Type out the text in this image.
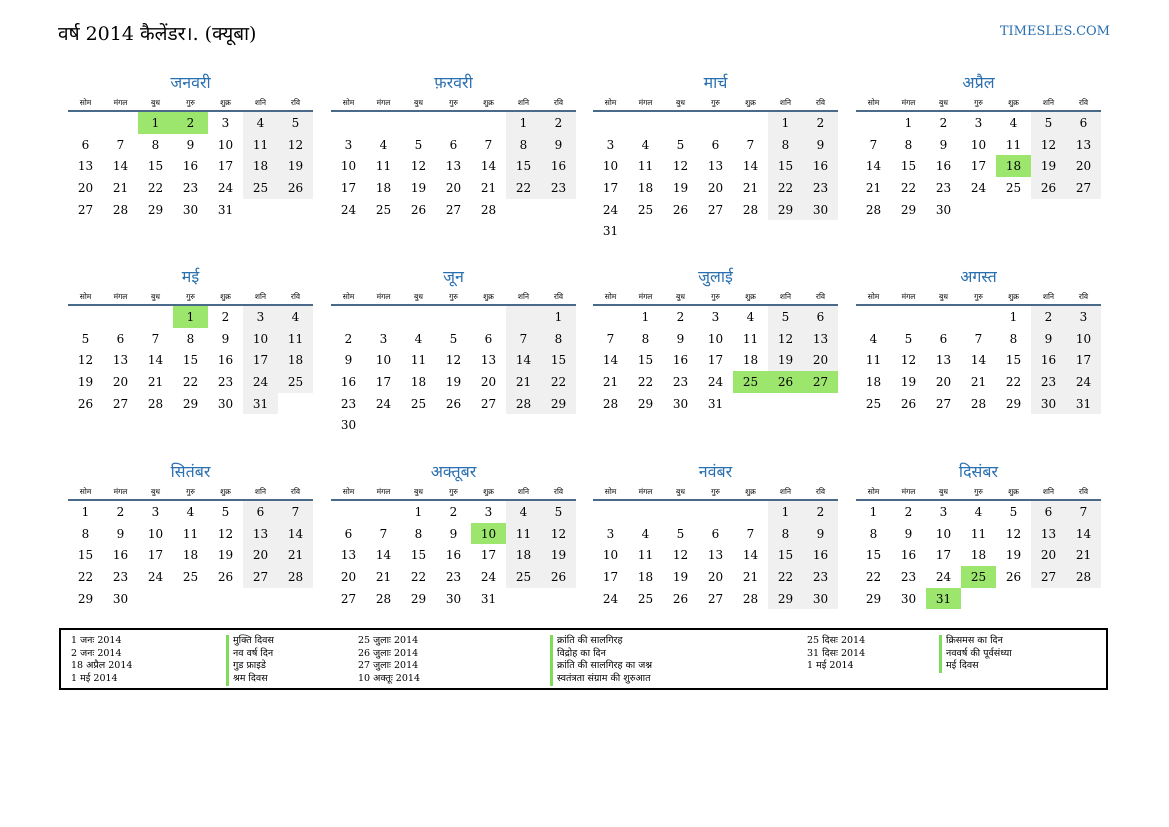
वर्ष 2014 कैलेंडर।. (क्यूबा)	TIMESLES.COM
जनवरी
सोम	मंगल	बुध	गुरु	शुक्र	शनि	रवि
		1	2	3	4	5
6	7	8	9	10	11	12
13	14	15	16	17	18	19
20	21	22	23	24	25	26
27	28	29	30	31		
फ़रवरी
सोम	मंगल	बुध	गुरु	शुक्र	शनि	रवि
					1	2
3	4	5	6	7	8	9
10	11	12	13	14	15	16
17	18	19	20	21	22	23
24	25	26	27	28		
मार्च
सोम	मंगल	बुध	गुरु	शुक्र	शनि	रवि
					1	2
3	4	5	6	7	8	9
10	11	12	13	14	15	16
17	18	19	20	21	22	23
24	25	26	27	28	29	30
31						
अप्रैल
सोम	मंगल	बुध	गुरु	शुक्र	शनि	रवि
	1	2	3	4	5	6
7	8	9	10	11	12	13
14	15	16	17	18	19	20
21	22	23	24	25	26	27
28	29	30				
मई
सोम	मंगल	बुध	गुरु	शुक्र	शनि	रवि
			1	2	3	4
5	6	7	8	9	10	11
12	13	14	15	16	17	18
19	20	21	22	23	24	25
26	27	28	29	30	31	
जून
सोम	मंगल	बुध	गुरु	शुक्र	शनि	रवि
						1
2	3	4	5	6	7	8
9	10	11	12	13	14	15
16	17	18	19	20	21	22
23	24	25	26	27	28	29
30						
जुलाई
सोम	मंगल	बुध	गुरु	शुक्र	शनि	रवि
	1	2	3	4	5	6
7	8	9	10	11	12	13
14	15	16	17	18	19	20
21	22	23	24	25	26	27
28	29	30	31			
अगस्त
सोम	मंगल	बुध	गुरु	शुक्र	शनि	रवि
				1	2	3
4	5	6	7	8	9	10
11	12	13	14	15	16	17
18	19	20	21	22	23	24
25	26	27	28	29	30	31
सितंबर
सोम	मंगल	बुध	गुरु	शुक्र	शनि	रवि
1	2	3	4	5	6	7
8	9	10	11	12	13	14
15	16	17	18	19	20	21
22	23	24	25	26	27	28
29	30					
अक्तूबर
सोम	मंगल	बुध	गुरु	शुक्र	शनि	रवि
		1	2	3	4	5
6	7	8	9	10	11	12
13	14	15	16	17	18	19
20	21	22	23	24	25	26
27	28	29	30	31		
नवंबर
सोम	मंगल	बुध	गुरु	शुक्र	शनि	रवि
					1	2
3	4	5	6	7	8	9
10	11	12	13	14	15	16
17	18	19	20	21	22	23
24	25	26	27	28	29	30
दिसंबर
सोम	मंगल	बुध	गुरु	शुक्र	शनि	रवि
1	2	3	4	5	6	7
8	9	10	11	12	13	14
15	16	17	18	19	20	21
22	23	24	25	26	27	28
29	30	31				
1 जनः 2014	मुक्ति दिवस
2 जनः 2014	नव वर्ष दिन
18 अप्रैल 2014	गुड फ्राइडे
1 मई 2014	श्रम दिवस
25 जुलाः 2014	क्रांति की सालगिरह
26 जुलाः 2014	विद्रोह का दिन
27 जुलाः 2014	क्रांति की सालगिरह का जश्न
10 अक्तूः 2014	स्वतंत्रता संग्राम की शुरुआत
25 दिसः 2014	क्रिसमस का दिन
31 दिसः 2014	नववर्ष की पूर्वसंध्या
1 मई 2014	मई दिवस
